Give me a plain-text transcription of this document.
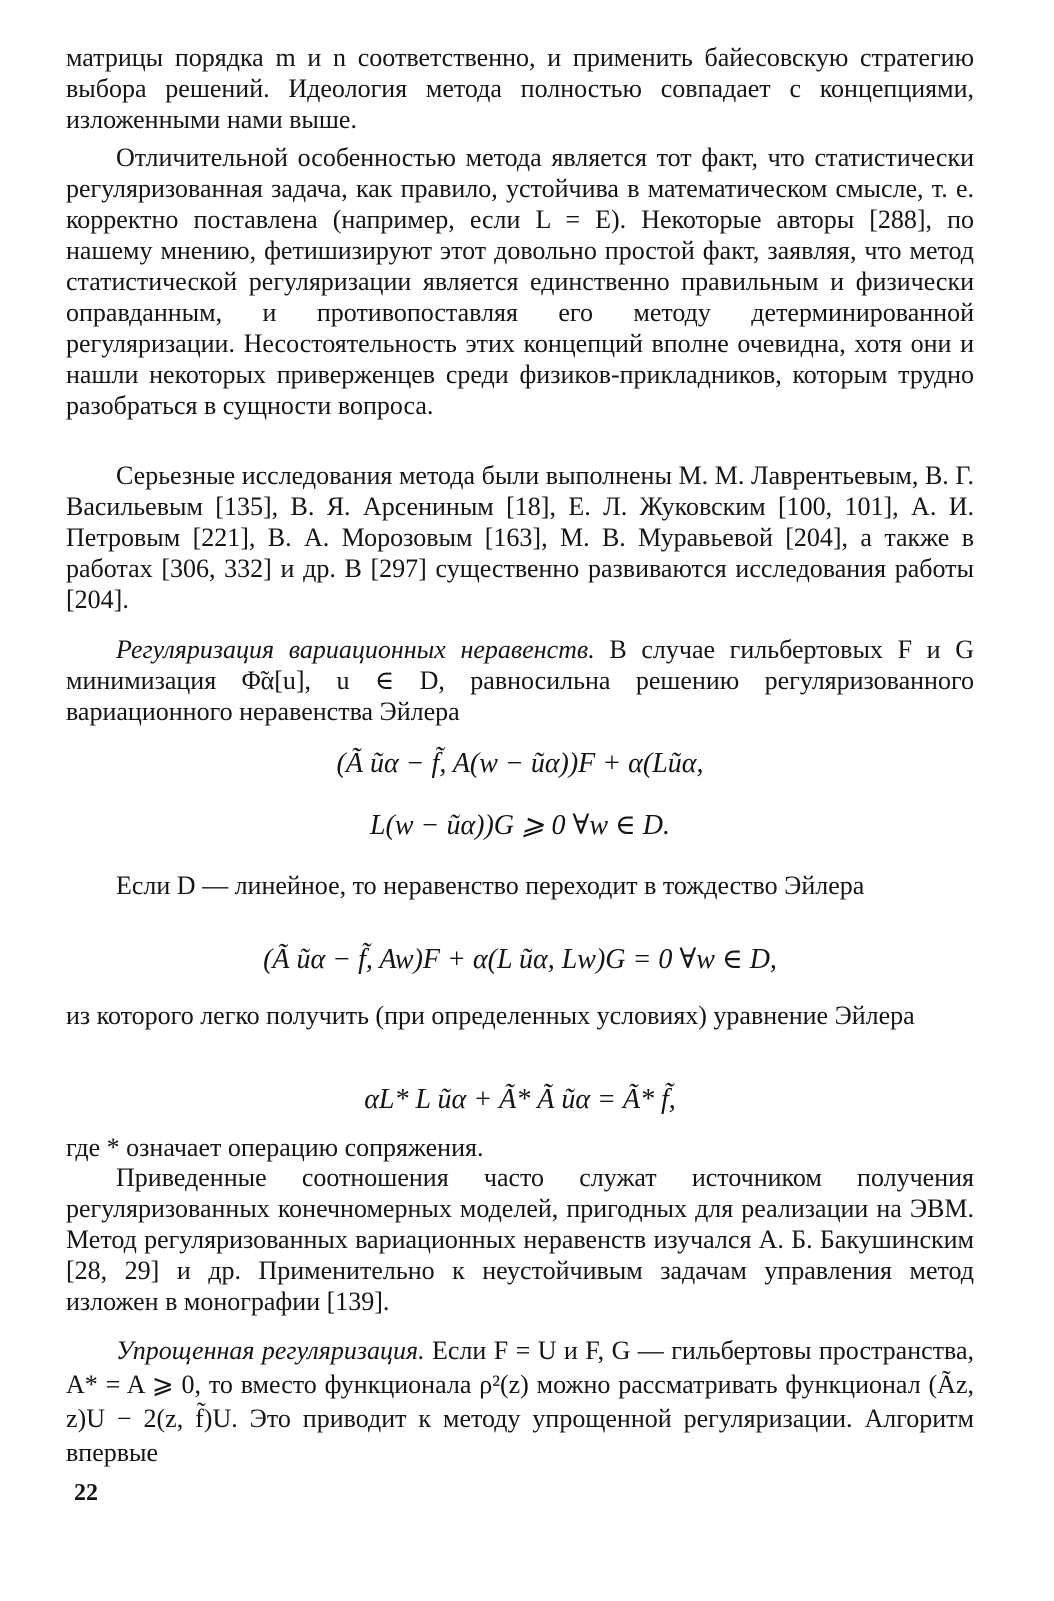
матрицы порядка m и n соответственно, и применить байесовскую стратегию выбора решений. Идеология метода полностью совпадает с концепциями, изложенными нами выше.

Отличительной особенностью метода является тот факт, что статистически регуляризованная задача, как правило, устойчива в математическом смысле, т. е. корректно поставлена (например, если L = E). Некоторые авторы [288], по нашему мнению, фетишизируют этот довольно простой факт, заявляя, что метод статистической регуляризации является единственно правильным и физически оправданным, и противопоставляя его методу детерминированной регуляризации. Несостоятельность этих концепций вполне очевидна, хотя они и нашли некоторых приверженцев среди физиков-прикладников, которым трудно разобраться в сущности вопроса.

Серьезные исследования метода были выполнены М. М. Лаврентьевым, В. Г. Васильевым [135], В. Я. Арсениным [18], Е. Л. Жуковским [100, 101], А. И. Петровым [221], В. А. Морозовым [163], М. В. Муравьевой [204], а также в работах [306, 332] и др. В [297] существенно развиваются исследования работы [204].

Регуляризация вариационных неравенств. В случае гильбертовых F и G минимизация Φ̃α[u], u ∈ D, равносильна решению регуляризованного вариационного неравенства Эйлера

(Ã ũα − f̃, A(w − ũα))F + α(Lũα,

L(w − ũα))G ⩾ 0 ∀w ∈ D.

Если D — линейное, то неравенство переходит в тождество Эйлера

(Ã ũα − f̃, Aw)F + α(L ũα, Lw)G = 0 ∀w ∈ D,

из которого легко получить (при определенных условиях) уравнение Эйлера

αL* L ũα + Ã* Ã ũα = Ã* f̃,

где * означает операцию сопряжения.

Приведенные соотношения часто служат источником получения регуляризованных конечномерных моделей, пригодных для реализации на ЭВМ. Метод регуляризованных вариационных неравенств изучался А. Б. Бакушинским [28, 29] и др. Применительно к неустойчивым задачам управления метод изложен в монографии [139].

Упрощенная регуляризация. Если F = U и F, G — гильбертовы пространства, A* = A ⩾ 0, то вместо функционала ρ²(z) можно рассматривать функционал (Ãz, z)U − 2(z, f̃)U. Это приводит к методу упрощенной регуляризации. Алгоритм впервые

22
